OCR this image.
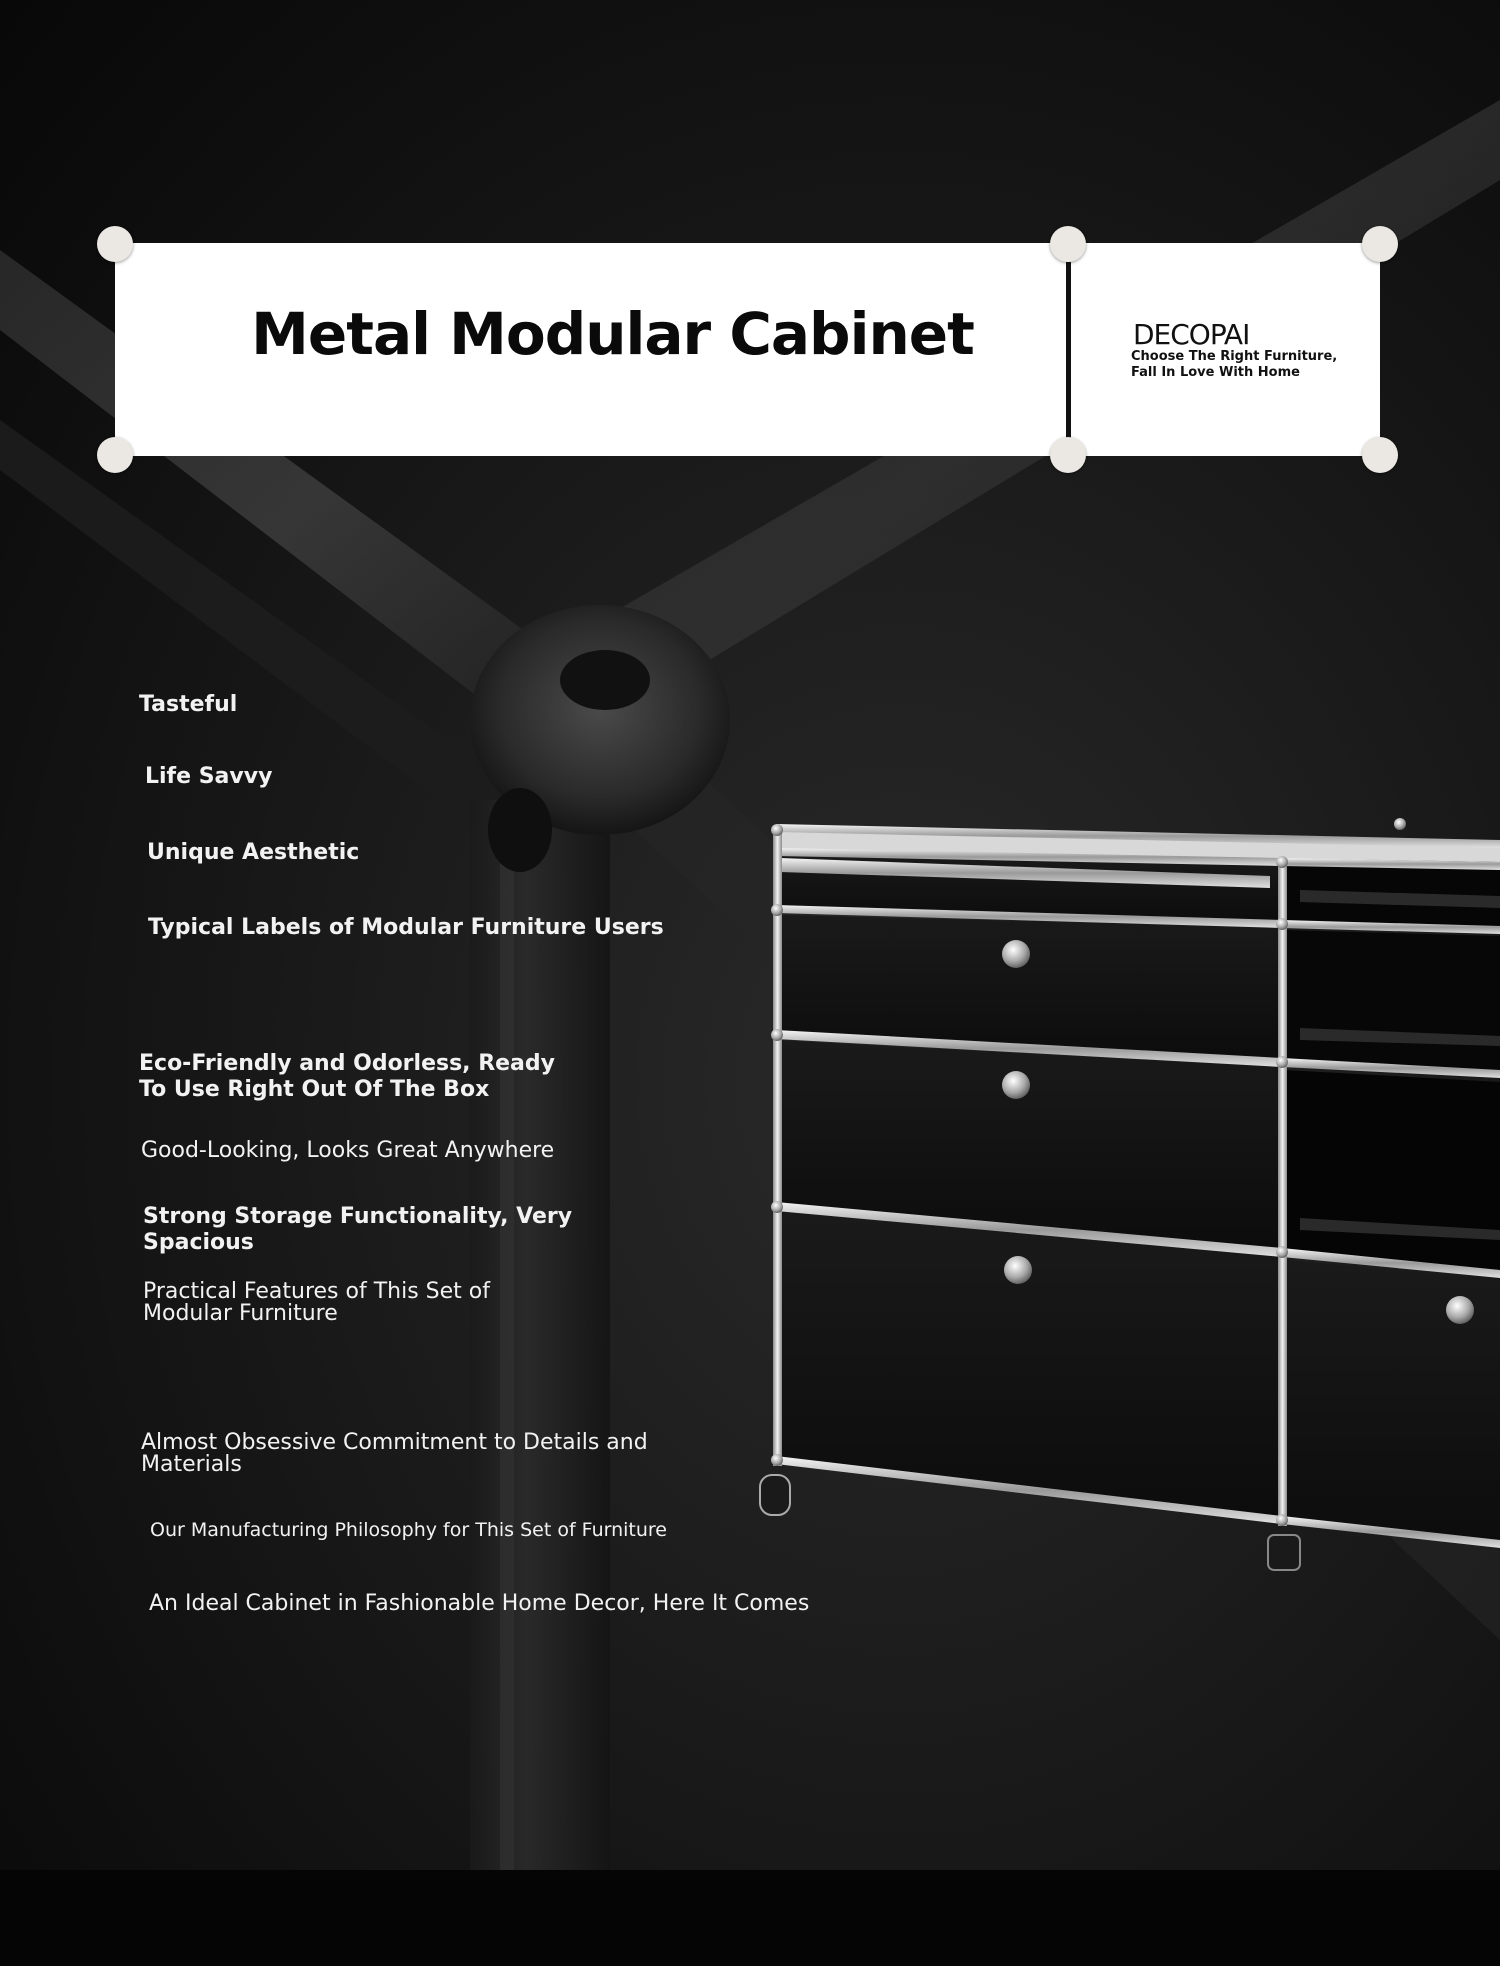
Metal Modular Cabinet	DECOPAI
Choose The Right Furniture,
Fall In Love With Home
Tasteful
Life Savvy
Unique Aesthetic
Typical Labels of Modular Furniture Users
Eco-Friendly and Odorless, Ready
To Use Right Out Of The Box
Good-Looking, Looks Great Anywhere
Strong Storage Functionality, Very
Spacious
Practical Features of This Set of
Modular Furniture
Almost Obsessive Commitment to Details and
Materials
Our Manufacturing Philosophy for This Set of Furniture
An Ideal Cabinet in Fashionable Home Decor, Here It Comes
